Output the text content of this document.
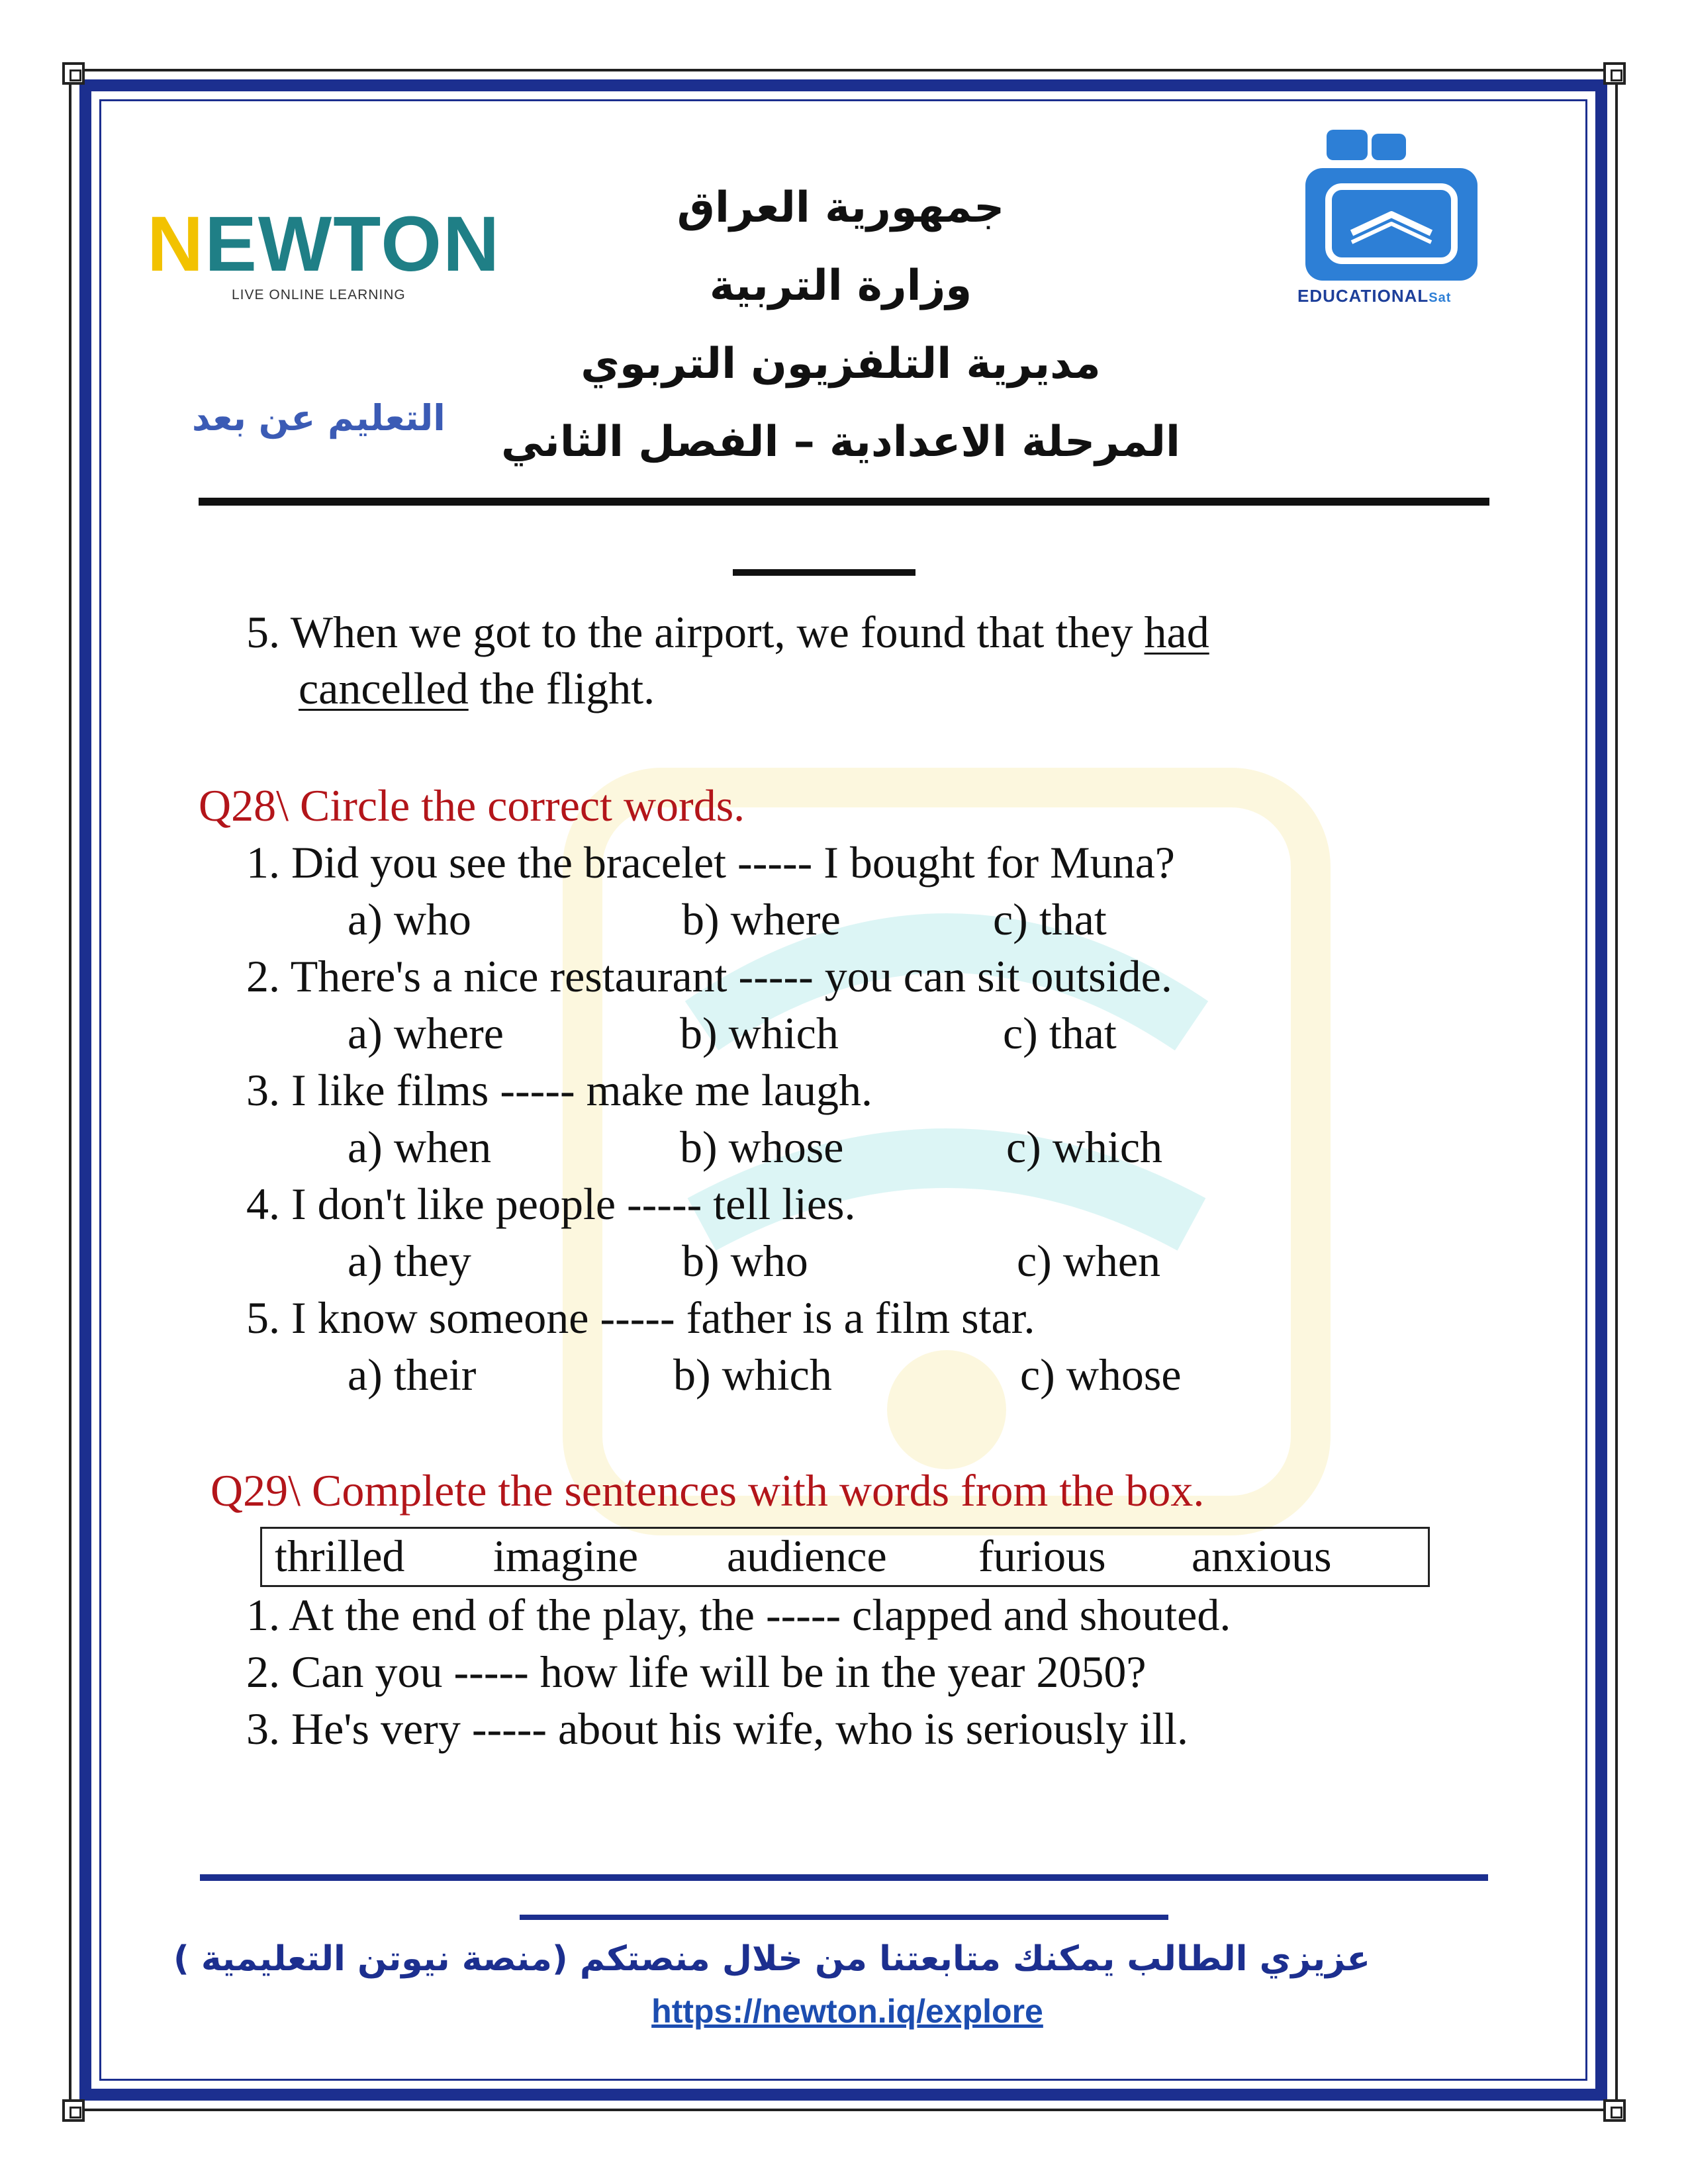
NEWTON
LIVE ONLINE LEARNING
جمهورية العراق
وزارة التربية
مديرية التلفزيون التربوي
المرحلة الاعدادية – الفصل الثاني
التعليم عن بعد
EDUCATIONALSat
5. When we got to the airport, we found that they had
cancelled the flight.
Q28\ Circle the correct words.
1. Did you see the bracelet ----- I bought for Muna?
a) who	b) where	c) that
2. There's a nice restaurant ----- you can sit outside.
a) where	b) which	c) that
3. I like films ----- make me laugh.
a) when	b) whose	c) which
4. I don't like people ----- tell lies.
a) they	b) who	c) when
5. I know someone ----- father is a film star.
a) their	b) which	c) whose
Q29\ Complete the sentences with words from the box.
thrilled imagine audience furious anxious
1. At the end of the play, the ----- clapped and shouted.
2. Can you ----- how life will be in the year 2050?
3. He's very ----- about his wife, who is seriously ill.
عزيزي الطالب يمكنك متابعتنا من خلال منصتكم (منصة نيوتن التعليمية )
https://newton.iq/explore
